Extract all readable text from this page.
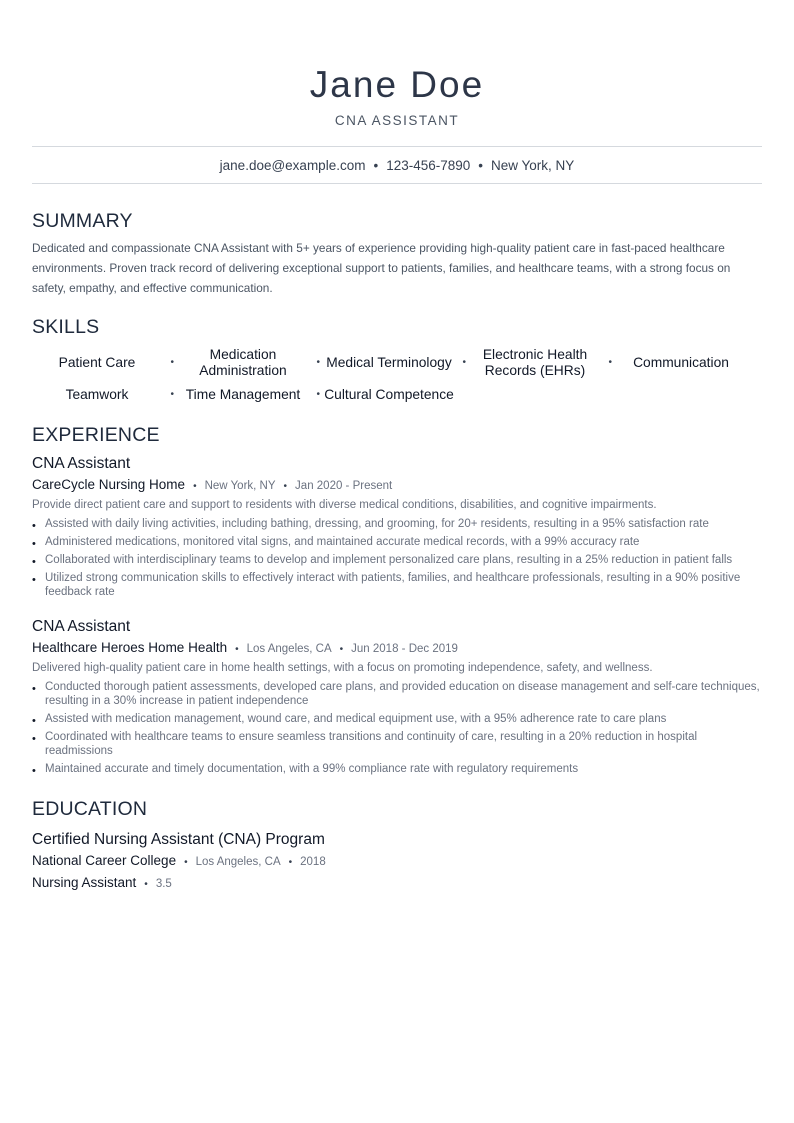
Jane Doe
CNA ASSISTANT
jane.doe@example.com • 123-456-7890 • New York, NY
SUMMARY
Dedicated and compassionate CNA Assistant with 5+ years of experience providing high-quality patient care in fast-paced healthcare environments. Proven track record of delivering exceptional support to patients, families, and healthcare teams, with a strong focus on safety, empathy, and effective communication.
SKILLS
Patient Care	•
Medication Administration
• Medical Terminology •
Electronic Health Records (EHRs)
• Communication
Teamwork	• Time Management • Cultural Competence
EXPERIENCE
CNA Assistant
CareCycle Nursing Home • New York, NY • Jan 2020 - Present
Provide direct patient care and support to residents with diverse medical conditions, disabilities, and cognitive impairments.
• Assisted with daily living activities, including bathing, dressing, and grooming, for 20+ residents, resulting in a 95% satisfaction rate
• Administered medications, monitored vital signs, and maintained accurate medical records, with a 99% accuracy rate
• Collaborated with interdisciplinary teams to develop and implement personalized care plans, resulting in a 25% reduction in patient falls
• Utilized strong communication skills to effectively interact with patients, families, and healthcare professionals, resulting in a 90% positive feedback rate
CNA Assistant
Healthcare Heroes Home Health • Los Angeles, CA • Jun 2018 - Dec 2019
Delivered high-quality patient care in home health settings, with a focus on promoting independence, safety, and wellness.
• Conducted thorough patient assessments, developed care plans, and provided education on disease management and self-care techniques, resulting in a 30% increase in patient independence
• Assisted with medication management, wound care, and medical equipment use, with a 95% adherence rate to care plans
• Coordinated with healthcare teams to ensure seamless transitions and continuity of care, resulting in a 20% reduction in hospital readmissions
• Maintained accurate and timely documentation, with a 99% compliance rate with regulatory requirements
EDUCATION
Certified Nursing Assistant (CNA) Program
National Career College • Los Angeles, CA • 2018
Nursing Assistant • 3.5
